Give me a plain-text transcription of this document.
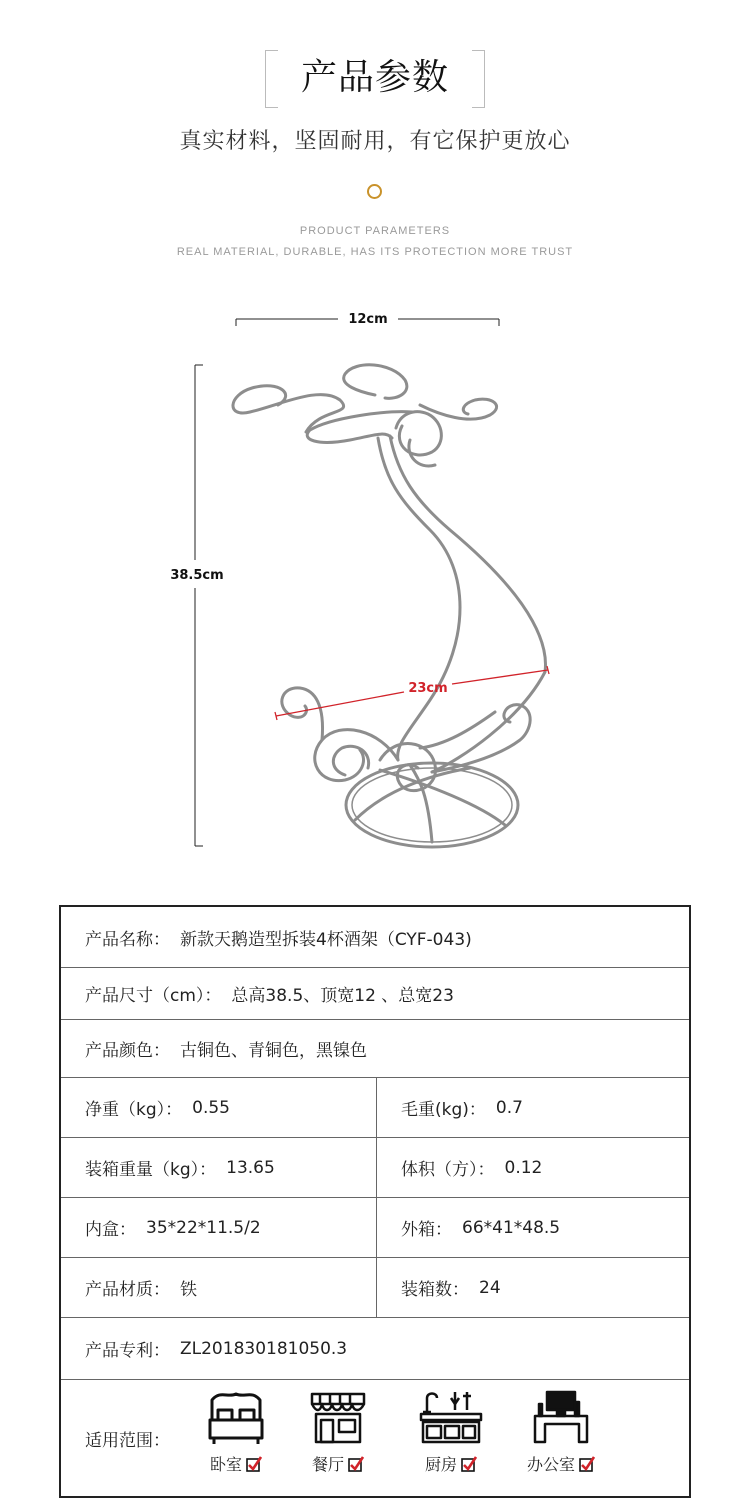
产品参数
真实材料，坚固耐用，有它保护更放心
PRODUCT PARAMETERS
REAL MATERIAL, DURABLE, HAS ITS PROTECTION MORE TRUST
12cm
38.5cm
23cm
产品名称： 新款天鹅造型拆装4杯酒架（CYF-043)
产品尺寸（cm）： 总高38.5、顶宽12 、总宽23
产品颜色： 古铜色、青铜色，黑镍色
净重（kg）： 0.55	毛重(kg)： 0.7
装箱重量（kg）： 13.65	体积（方）： 0.12
内盒： 35*22*11.5/2	外箱： 66*41*48.5
产品材质： 铁	装箱数： 24
产品专利： ZL201830181050.3
适用范围：
卧室	餐厅	厨房	办公室
